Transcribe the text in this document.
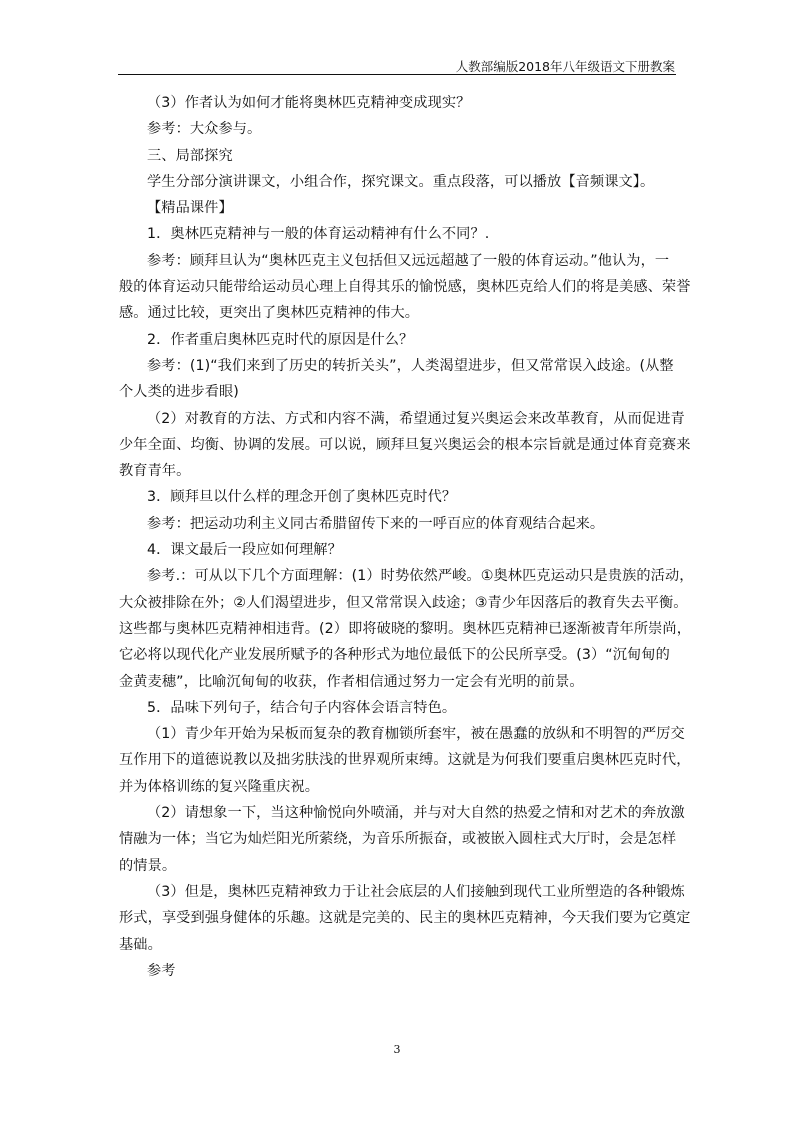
人教部编版2018年八年级语文下册教案
（3）作者认为如何才能将奥林匹克精神变成现实？
参考：大众参与。
三、局部探究
学生分部分演讲课文，小组合作，探究课文。重点段落，可以播放【音频课文】。
【精品课件】
1．奥林匹克精神与一般的体育运动精神有什么不同？.
参考：顾拜旦认为“奥林匹克主义包括但又远远超越了一般的体育运动。”他认为，一
般的体育运动只能带给运动员心理上自得其乐的愉悦感，奥林匹克给人们的将是美感、荣誉
感。通过比较，更突出了奥林匹克精神的伟大。
2．作者重启奥林匹克时代的原因是什么？
参考：(1)“我们来到了历史的转折关头”，人类渴望进步，但又常常误入歧途。(从整
个人类的进步看眼)
（2）对教育的方法、方式和内容不满，希望通过复兴奥运会来改革教育，从而促进青
少年全面、均衡、协调的发展。可以说，顾拜旦复兴奥运会的根本宗旨就是通过体育竞赛来
教育青年。
3．顾拜旦以什么样的理念开创了奥林匹克时代？
参考：把运动功利主义同古希腊留传下来的一呼百应的体育观结合起来。
4．课文最后一段应如何理解？
参考.：可从以下几个方面理解：(1）时势依然严峻。①奥林匹克运动只是贵族的活动，
大众被排除在外；②人们渴望进步，但又常常误入歧途；③青少年因落后的教育失去平衡。
这些都与奥林匹克精神相违背。(2）即将破晓的黎明。奥林匹克精神已逐渐被青年所崇尚，
它必将以现代化产业发展所赋予的各种形式为地位最低下的公民所享受。(3）“沉甸甸的
金黄麦穗”，比喻沉甸甸的收获，作者相信通过努力一定会有光明的前景。
5．品味下列句子，结合句子内容体会语言特色。
（1）青少年开始为呆板而复杂的教育枷锁所套牢，被在愚蠢的放纵和不明智的严厉交
互作用下的道德说教以及拙劣肤浅的世界观所束缚。这就是为何我们要重启奥林匹克时代，
并为体格训练的复兴隆重庆祝。
（2）请想象一下，当这种愉悦向外喷涌，并与对大自然的热爱之情和对艺术的奔放激
情融为一体；当它为灿烂阳光所萦绕，为音乐所振奋，或被嵌入圆柱式大厅时，会是怎样
的情景。
（3）但是，奥林匹克精神致力于让社会底层的人们接触到现代工业所塑造的各种锻炼
形式，享受到强身健体的乐趣。这就是完美的、民主的奥林匹克精神，今天我们要为它奠定
基础。
参考
3
